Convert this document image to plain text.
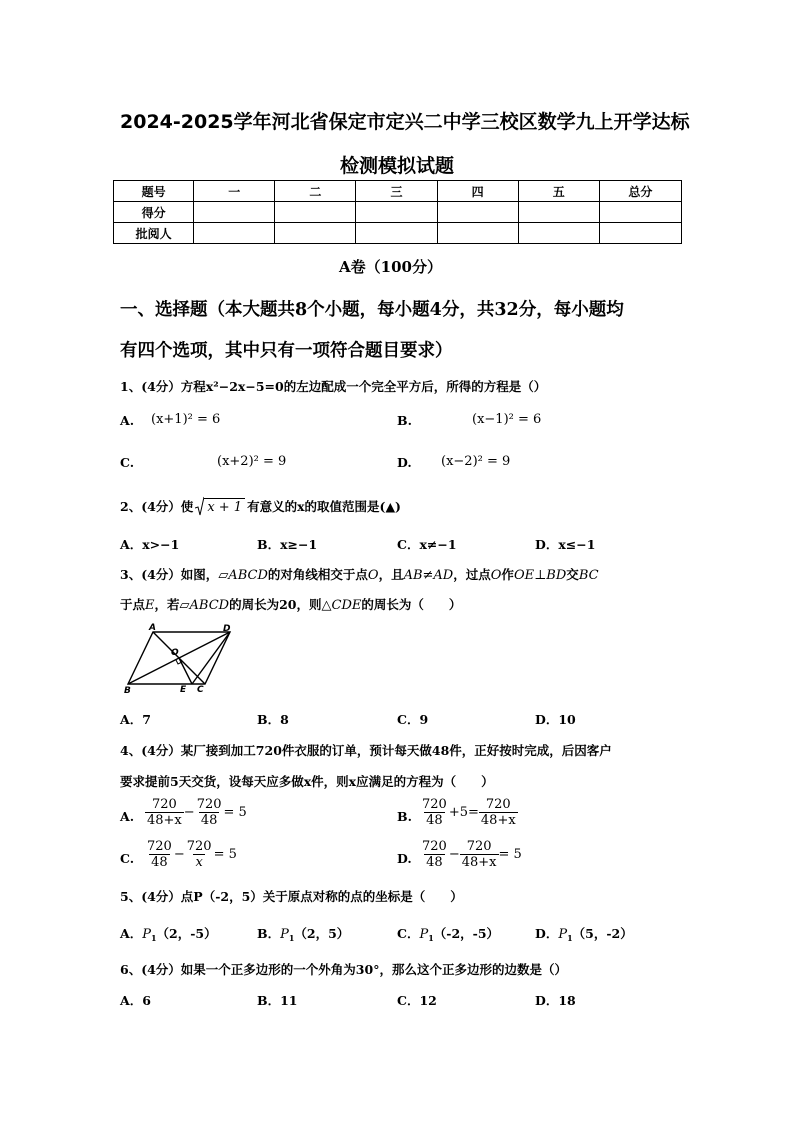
2024-2025学年河北省保定市定兴二中学三校区数学九上开学达标
检测模拟试题
题号	一	二	三	四	五	总分
得分						
批阅人						
A卷（100分）
一、选择题（本大题共8个小题，每小题4分，共32分，每小题均
有四个选项，其中只有一项符合题目要求）
1、(4分）方程x²−2x−5=0的左边配成一个完全平方后，所得的方程是（）
A. (x+1)² = 6	B.	(x−1)² = 6
C.	(x+2)² = 9	D. (x−2)² = 9
2、(4分）使 x + 1 有意义的x的取值范围是(▲)
A．x>−1	B．x≥−1	C．x≠−1	D．x≤−1
3、(4分）如图，▱ABCD的对角线相交于点O，且AB≠AD，过点O作OE⊥BD交BC
于点E，若▱ABCD的周长为20，则△CDE的周长为（　　）
A	D
O
B	E C
A．7	B．8	C．9	D．10
4、(4分）某厂接到加工720件衣服的订单，预计每天做48件，正好按时完成，后因客户
要求提前5天交货，设每天应多做x件，则x应满足的方程为（　　）
A. $\frac{720}{48+x} - \frac{720}{48} = 5$	B. $\frac{720}{48} +5 = \frac{720}{48+x}$
C. $\frac{720}{48} - \frac{720}{x} = 5$	D. $\frac{720}{48} - \frac{720}{48+x} = 5$
5、(4分）点P（-2，5）关于原点对称的点的坐标是（　　）
A．$P_1(2$，-5）	B．$P_1(2$，5）	C．$P_1(-2$，-5）	D．$P_1(5$，-2）
6、(4分）如果一个正多边形的一个外角为30°，那么这个正多边形的边数是（）
A．6	B．11	C．12	D．18
